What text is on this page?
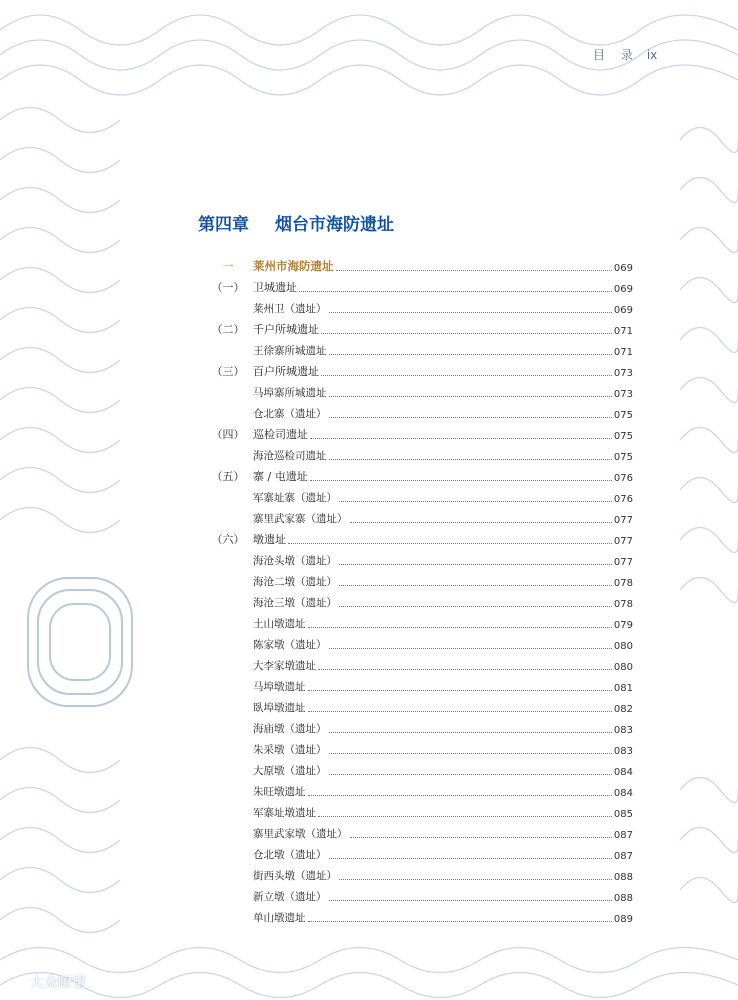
目 录 ix
第四章 烟台市海防遗址
一	莱州市海防遗址	069
（一） 卫城遗址	069
莱州卫（遗址）	069
（二） 千户所城遗址	071
王徐寨所城遗址	071
（三） 百户所城遗址	073
马埠寨所城遗址	073
仓北寨（遗址）	075
（四） 巡检司遗址	075
海沧巡检司遗址	075
（五） 寨 / 屯遗址	076
军寨址寨（遗址）	076
寨里武家寨（遗址）	077
（六） 墩遗址	077
海沧头墩（遗址）	077
海沧二墩（遗址）	078
海沧三墩（遗址）	078
土山墩遗址	079
陈家墩（遗址）	080
大李家墩遗址	080
马埠墩遗址	081
臥埠墩遗址	082
海庙墩（遗址）	083
朱采墩（遗址）	083
大原墩（遗址）	084
朱旺墩遗址	084
军寨址墩遗址	085
寨里武家墩（遗址）	087
仓北墩（遗址）	087
街西头墩（遗址）	088
新立墩（遗址）	088
单山墩遗址	089
大众瞭望
